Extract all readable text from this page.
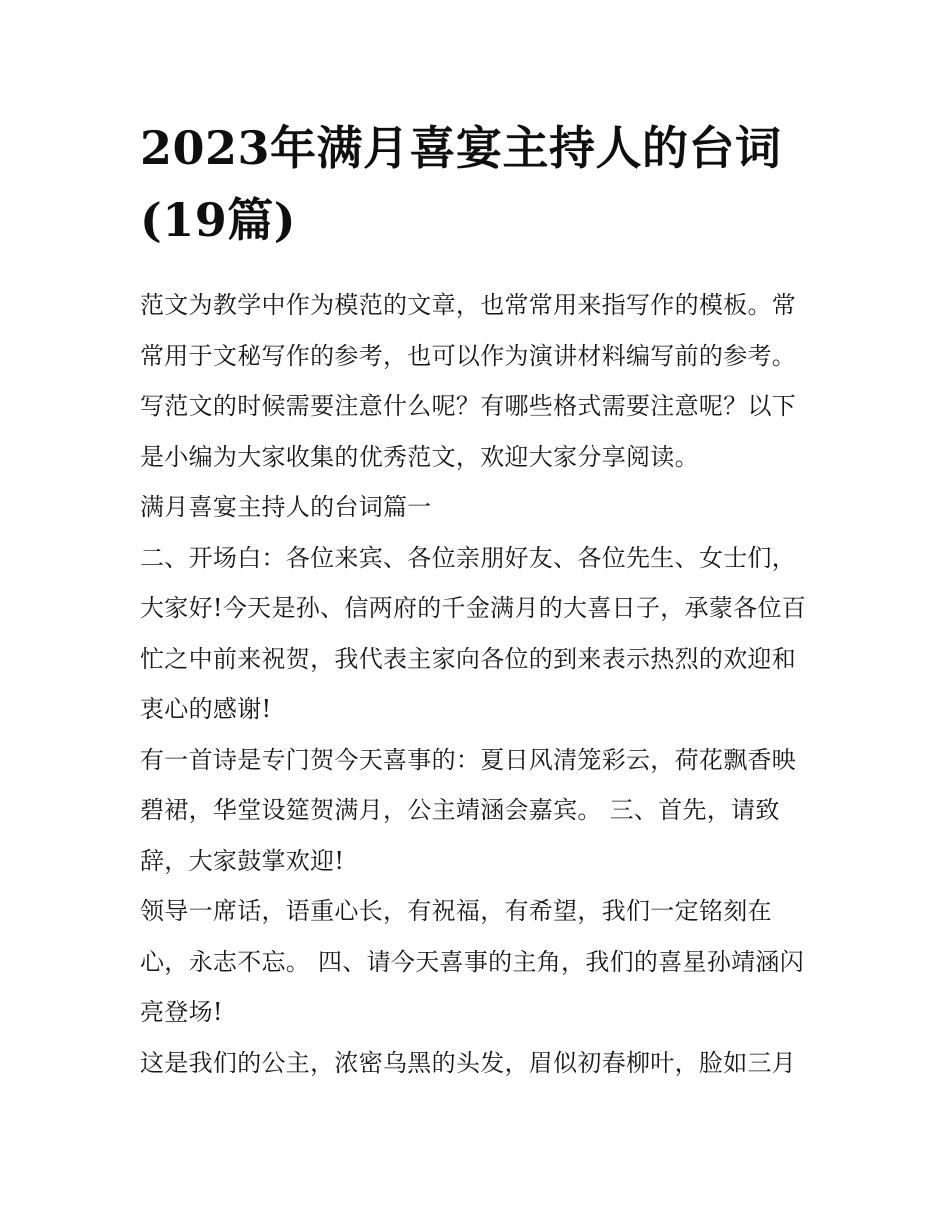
2023年满月喜宴主持人的台词(19篇)

范文为教学中作为模范的文章，也常常用来指写作的模板。常常用于文秘写作的参考，也可以作为演讲材料编写前的参考。写范文的时候需要注意什么呢？有哪些格式需要注意呢？以下是小编为大家收集的优秀范文，欢迎大家分享阅读。

满月喜宴主持人的台词篇一

二、开场白：各位来宾、各位亲朋好友、各位先生、女士们，大家好!今天是孙、信两府的千金满月的大喜日子，承蒙各位百忙之中前来祝贺，我代表主家向各位的到来表示热烈的欢迎和衷心的感谢!

有一首诗是专门贺今天喜事的：夏日风清笼彩云，荷花飘香映碧裙，华堂设筵贺满月，公主靖涵会嘉宾。 三、首先，请致辞，大家鼓掌欢迎!

领导一席话，语重心长，有祝福，有希望，我们一定铭刻在心，永志不忘。 四、请今天喜事的主角，我们的喜星孙靖涵闪亮登场!

这是我们的公主，浓密乌黑的头发，眉似初春柳叶，脸如三月
